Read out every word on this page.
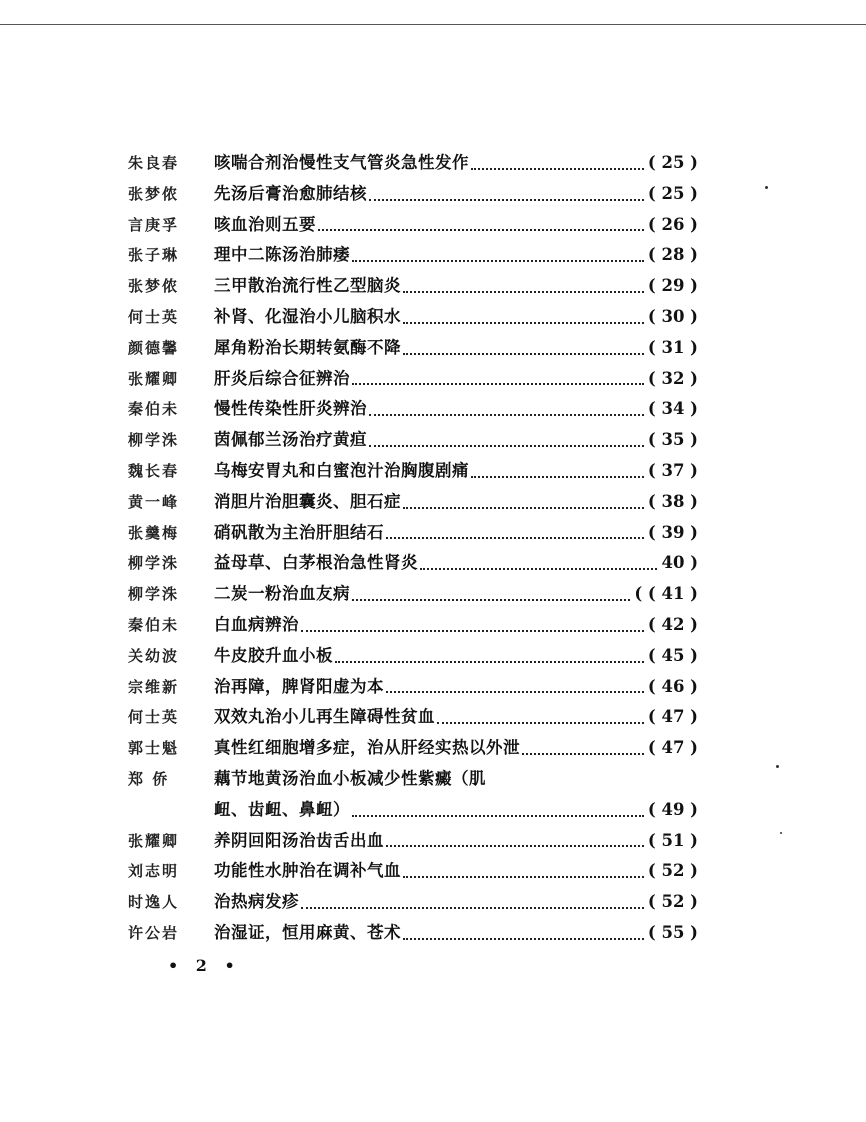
朱良春	咳喘合剂治慢性支气管炎急性发作	( 25 )
张梦侬	先汤后膏治愈肺结核	( 25 )
言庚孚	咳血治则五要	( 26 )
张子琳	理中二陈汤治肺痿	( 28 )
张梦侬	三甲散治流行性乙型脑炎	( 29 )
何士英	补肾、化湿治小儿脑积水	( 30 )
颜德馨	犀角粉治长期转氨酶不降	( 31 )
张耀卿	肝炎后综合征辨治	( 32 )
秦伯未	慢性传染性肝炎辨治	( 34 )
柳学洙	茵佩郁兰汤治疗黄疸	( 35 )
魏长春	乌梅安胃丸和白蜜泡汁治胸腹剧痛	( 37 )
黄一峰	消胆片治胆囊炎、胆石症	( 38 )
张羹梅	硝矾散为主治肝胆结石	( 39 )
柳学洙	益母草、白茅根治急性肾炎	40 )
柳学洙	二炭一粉治血友病	( ( 41 )
秦伯未	白血病辨治	( 42 )
关幼波	牛皮胶升血小板	( 45 )
宗维新	治再障，脾肾阳虚为本	( 46 )
何士英	双效丸治小儿再生障碍性贫血	( 47 )
郭士魁	真性红细胞增多症，治从肝经实热以外泄	( 47 )
郑 侨	藕节地黄汤治血小板减少性紫癜（肌
衄、齿衄、鼻衄）	( 49 )
张耀卿	养阴回阳汤治齿舌出血	( 51 )
刘志明	功能性水肿治在调补气血	( 52 )
时逸人	治热病发疹	( 52 )
许公岩	治湿证，恒用麻黄、苍术	( 55 )
• 2 •
